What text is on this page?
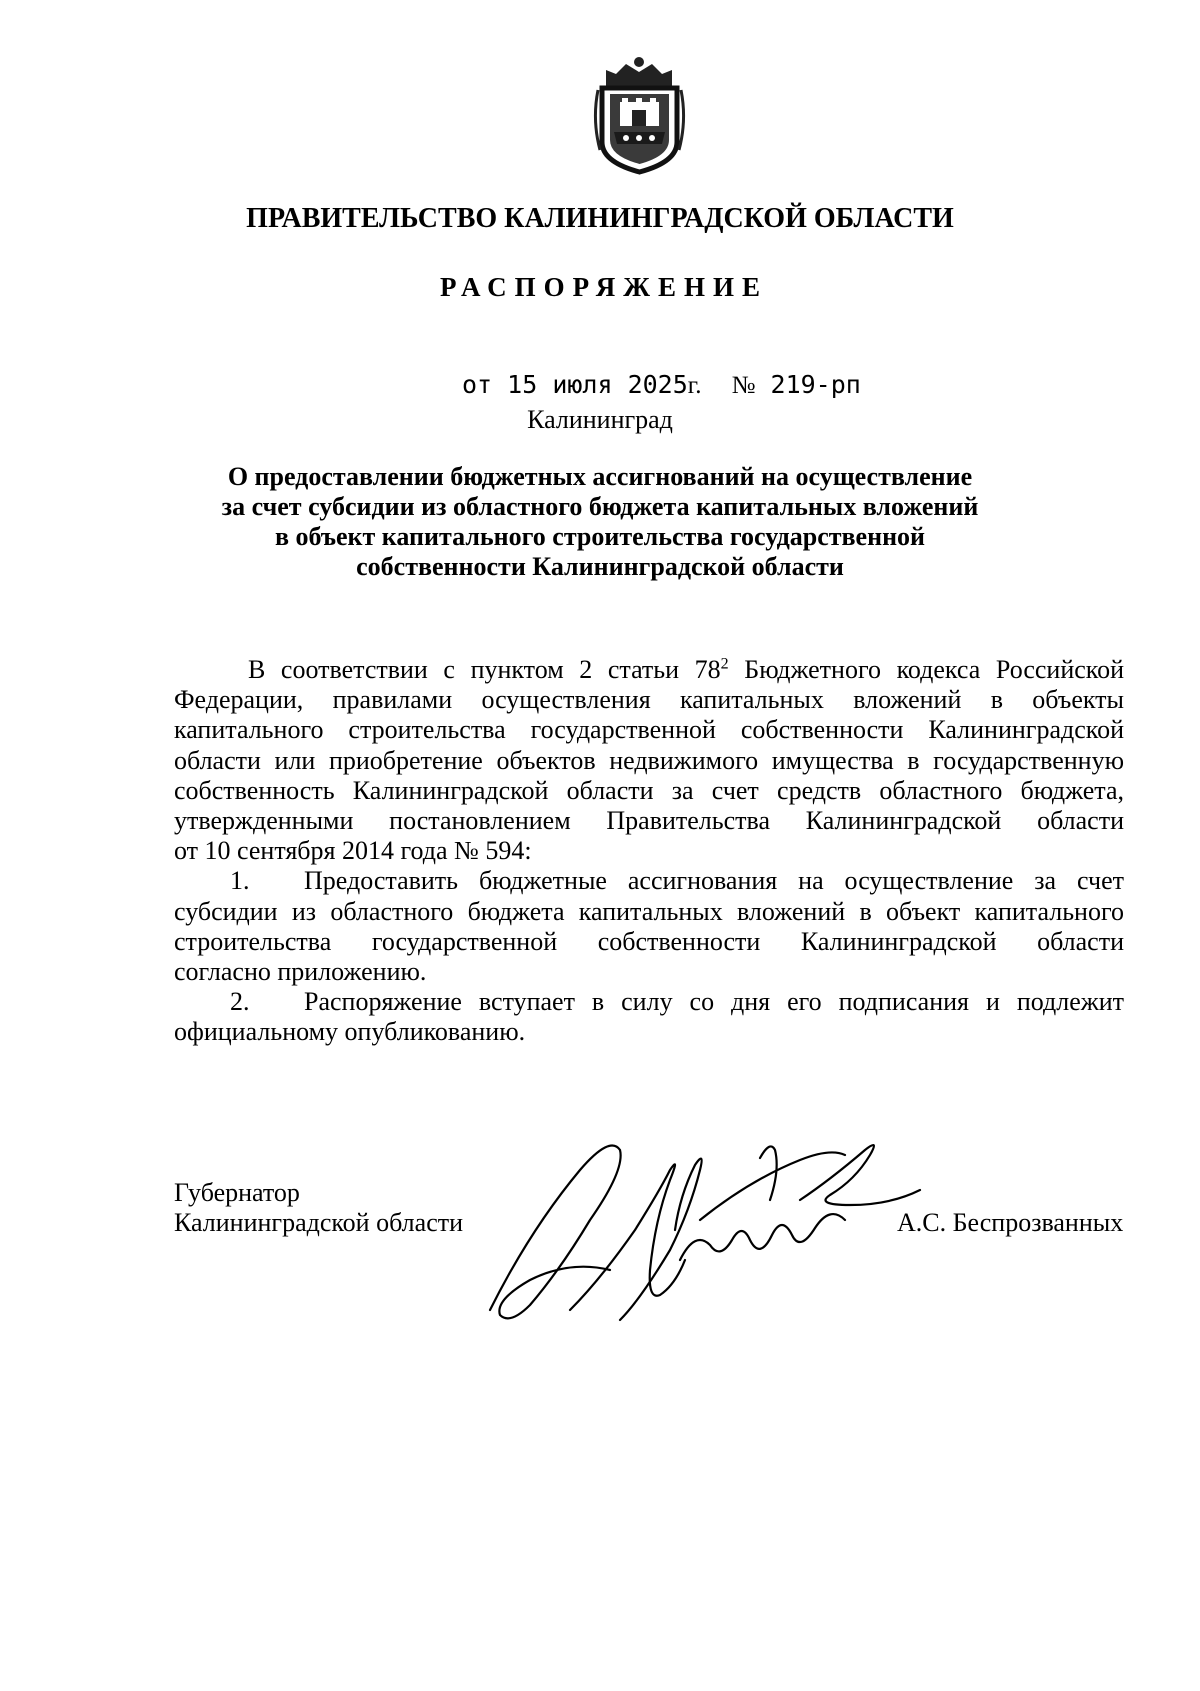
ПРАВИТЕЛЬСТВО КАЛИНИНГРАДСКОЙ ОБЛАСТИ
РАСПОРЯЖЕНИЕ
от 15 июля 2025г. № 219-рп
Калининград
О предоставлении бюджетных ассигнований на осуществление
за счет субсидии из областного бюджета капитальных вложений
в объект капитального строительства государственной
собственности Калининградской области
В соответствии с пунктом 2 статьи $78^2$ Бюджетного кодекса Российской
Федерации, правилами осуществления капитальных вложений в объекты
капитального строительства государственной собственности Калининградской
области или приобретение объектов недвижимого имущества в государственную
собственность Калининградской области за счет средств областного бюджета,
утвержденными постановлением Правительства Калининградской области
от 10 сентября 2014 года № 594:
1. Предоставить бюджетные ассигнования на осуществление за счет
субсидии из областного бюджета капитальных вложений в объект капитального
строительства государственной собственности Калининградской области
согласно приложению.
2. Распоряжение вступает в силу со дня его подписания и подлежит
официальному опубликованию.
Губернатор
Калининградской области	А.С. Беспрозванных
